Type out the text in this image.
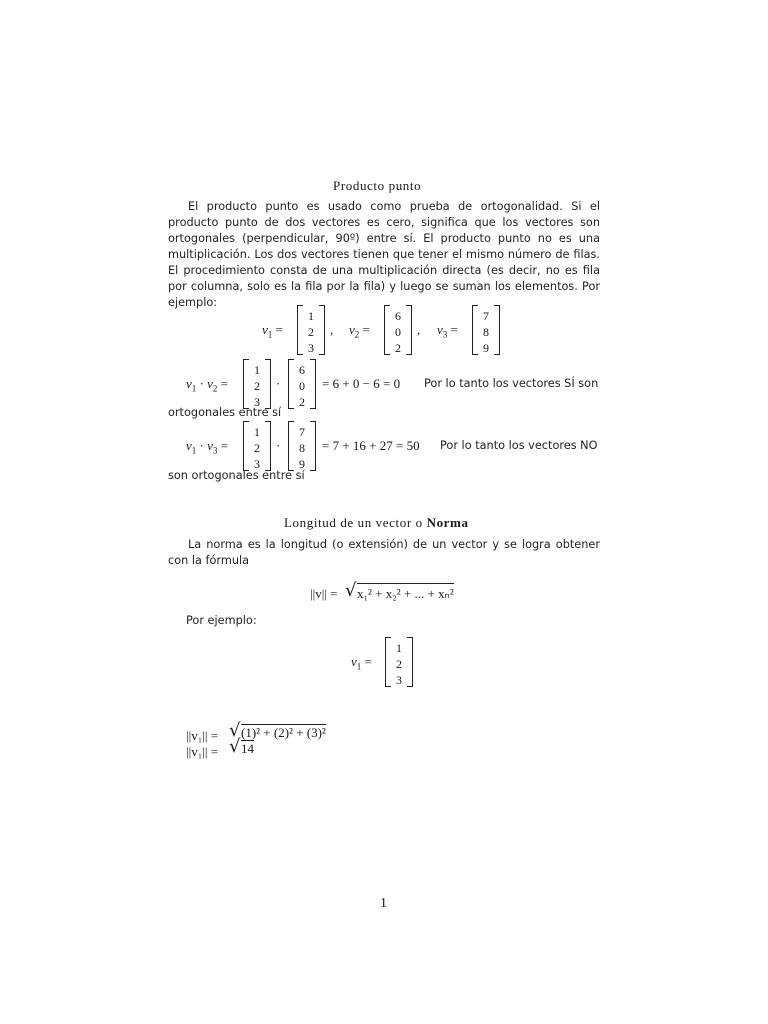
Producto punto
El producto punto es usado como prueba de ortogonalidad. Si el producto punto de dos vectores es cero, significa que los vectores son ortogonales (perpendicular, 90º) entre sí. El producto punto no es una multiplicación. Los dos vectores tienen que tener el mismo número de filas. El procedimiento consta de una multiplicación directa (es decir, no es fila por columna, solo es la fila por la fila) y luego se suman los elementos. Por ejemplo:
$v_1$ =
1
2
3
, $v_2$ =
6
0
2
, $v_3$ =
7
8
9
$v_1 \cdot v_2$ =
1
2
3
·
6
0
2
= 6 + 0 − 6 = 0 Por lo tanto los vectores SÍ son
ortogonales entre sí
$v_1 \cdot v_3$ =
1
2
3
·
7
8
9
= 7 + 16 + 27 = 50 Por lo tanto los vectores NO
son ortogonales entre sí
Longitud de un vector o Norma
La norma es la longitud (o extensión) de un vector y se logra obtener con la fórmula
||v|| = √ x₁² + x₂² + ... + xₙ²
Por ejemplo:
$v_1$ =
1
2
3
||v₁|| = √ (1)² + (2)² + (3)²
||v₁|| = √ 14
1
